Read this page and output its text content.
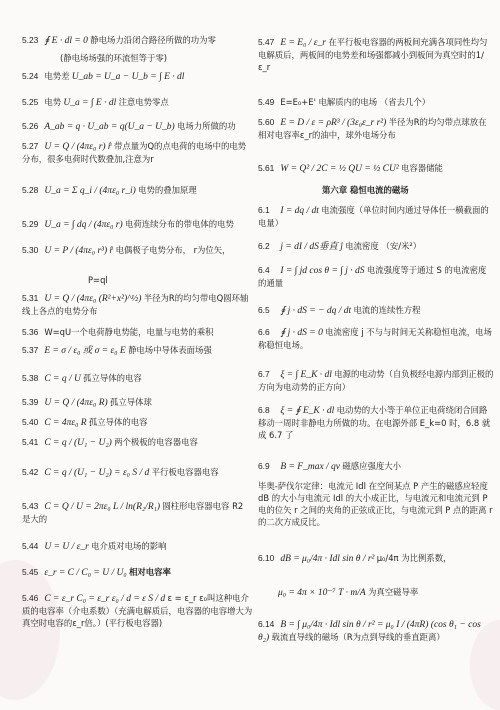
5.23 ∮ E · dl = 0 静电场力沿闭合路径所做的功为零
(静电场场强的环流恒等于零)
5.24 电势差 U_ab = U_a − U_b = ∫ E · dl
5.25 电势 U_a = ∫ E · dl 注意电势零点
5.26 A_ab = q · U_ab = q(U_a − U_b) 电场力所做的功
5.27 U = Q / (4πε₀ r) r̂ 带点量为Q的点电荷的电场中的电势分布，很多电荷时代数叠加,注意为r
5.28 U_a = Σ q_i / (4πε₀ r_i) 电势的叠加原理
5.29 U_a = ∫ dq / (4πε₀ r) 电荷连续分布的带电体的电势
5.30 U = P / (4πε₀ r³) r̂ 电偶极子电势分布， r为位矢，
P=ql
5.31 U = Q / (4πε₀ (R²+x²)^½) 半径为R的均匀带电Q圆环轴线上各点的电势分布
5.36 W=qU一个电荷静电势能，电量与电势的乘积
5.37 E = σ / ε₀ 或 σ = ε₀ E 静电场中导体表面场强
5.38 C = q / U 孤立导体的电容
5.39 U = Q / (4πε₀ R) 孤立导体球
5.40 C = 4πε₀ R 孤立导体的电容
5.41 C = q / (U₁ − U₂) 两个极板的电容器电容
5.42 C = q / (U₁ − U₂) = ε₀ S / d 平行板电容器电容
5.43 C = Q / U = 2πε₀ L / ln(R₂/R₁) 圆柱形电容器电容 R2 是大的
5.44 U = U / ε_r 电介质对电场的影响
5.45 ε_r = C / C₀ = U / U₀ 相对电容率
5.46 C = ε_r C₀ = ε_r ε₀ / d = ε S / d ε = ε_r ε₀叫这种电介质的电容率（介电系数）（充满电解质后，电容器的电容增大为真空时电容的ε_r倍。）(平行板电容器)
5.47 E = E₀ / ε_r 在平行板电容器的两板间充满各项同性均匀电解质后，两板间的电势差和场强都减小到板间为真空时的1/ε_r
5.49 E=E₀+E' 电解质内的电场 （省去几个）
5.60 E = D / ε = ρR³ / (3ε₀ε_r r²) 半径为R的均匀带点球放在相对电容率ε_r的油中，球外电场分布
5.61 W = Q² / 2C = ½ QU = ½ CU² 电容器储能
第六章 稳恒电流的磁场
6.1 I = dq / dt 电流强度（单位时间内通过导体任一横截面的电量）
6.2 j = dI / dS垂直 ĵ 电流密度 （安/米²）
6.4 I = ∫ jd cos θ = ∫ j · dS 电流强度等于通过 S 的电流密度的通量
6.5 ∮ j · dS = − dq / dt 电流的连续性方程
6.6 ∮ j · dS = 0 电流密度 j 不与与时间无关称稳恒电流，电场称稳恒电场。
6.7 ξ = ∫ E_K · dl 电源的电动势（自负极经电源内部到正极的方向为电动势的正方向）
6.8 ξ = ∮ E_K · dl 电动势的大小等于单位正电荷绕闭合回路移动一周时非静电力所做的功。在电源外部 E_k=0 时，6.8 就成 6.7 了
6.9 B = F_max / qv 磁感应强度大小
毕奥-萨伐尔定律：电流元 Idl 在空间某点 P 产生的磁感应轻度 dB 的大小与电流元 Idl 的大小成正比，与电流元和电流元到 P 电的位矢 r 之间的夹角的正弦成正比，与电流元到 P 点的距离 r 的二次方成反比。
6.10 dB = μ₀/4π · Idl sin θ / r² μ₀/4π 为比例系数，
μ₀ = 4π × 10⁻⁷ T · m/A 为真空磁导率
6.14 B = ∫ μ₀/4π · Idl sin θ / r² = μ₀ I / (4πR) (cos θ₁ − cos θ₂) 载流直导线的磁场（R为点到导线的垂直距离）
